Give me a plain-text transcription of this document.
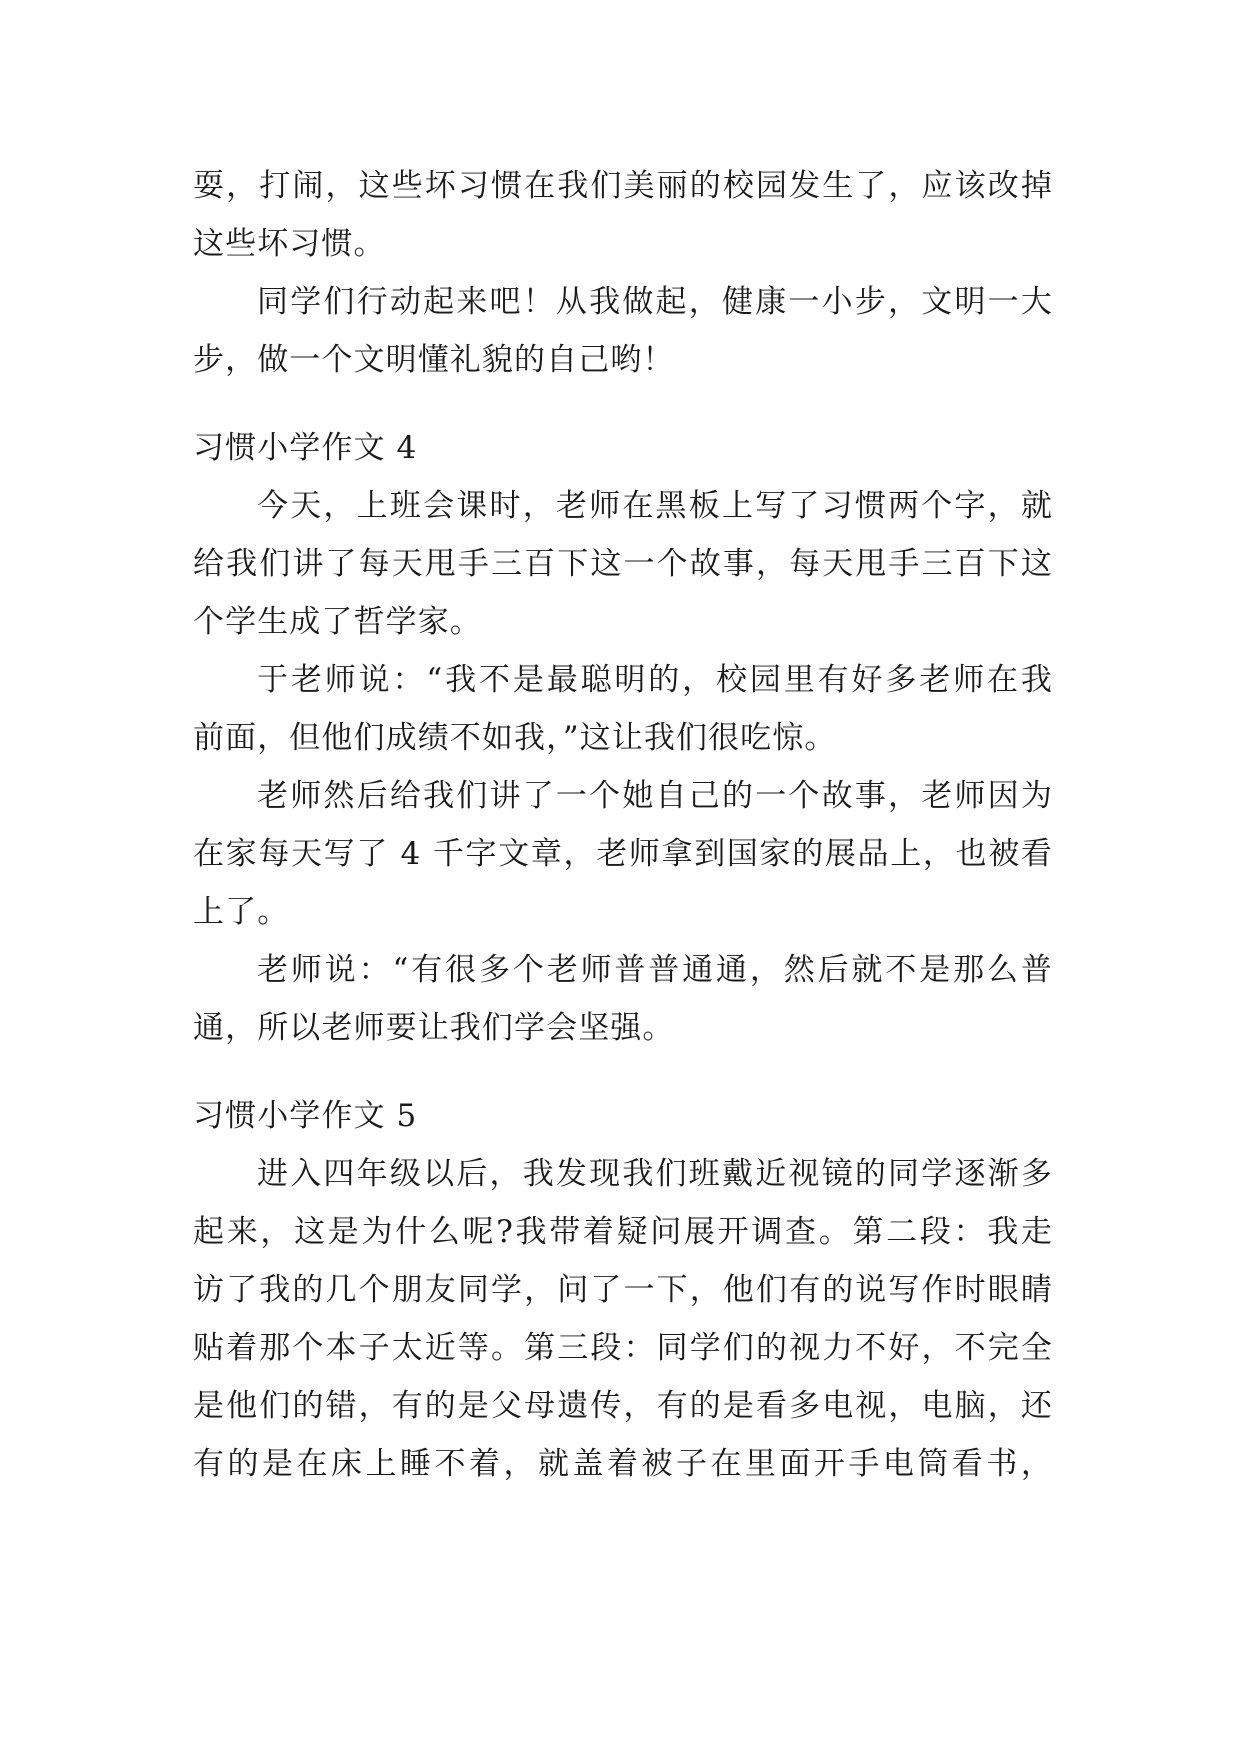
耍，打闹，这些坏习惯在我们美丽的校园发生了，应该改掉
这些坏习惯。
同学们行动起来吧！从我做起，健康一小步，文明一大
步，做一个文明懂礼貌的自己哟！
习惯小学作文 4
今天，上班会课时，老师在黑板上写了习惯两个字，就
给我们讲了每天甩手三百下这一个故事，每天甩手三百下这
个学生成了哲学家。
于老师说：“我不是最聪明的，校园里有好多老师在我
前面，但他们成绩不如我，”这让我们很吃惊。
老师然后给我们讲了一个她自己的一个故事，老师因为
在家每天写了 4 千字文章，老师拿到国家的展品上，也被看
上了。
老师说：“有很多个老师普普通通，然后就不是那么普
通，所以老师要让我们学会坚强。
习惯小学作文 5
进入四年级以后，我发现我们班戴近视镜的同学逐渐多
起来，这是为什么呢?我带着疑问展开调查。第二段：我走
访了我的几个朋友同学，问了一下，他们有的说写作时眼睛
贴着那个本子太近等。第三段：同学们的视力不好，不完全
是他们的错，有的是父母遗传，有的是看多电视，电脑，还
有的是在床上睡不着，就盖着被子在里面开手电筒看书，
